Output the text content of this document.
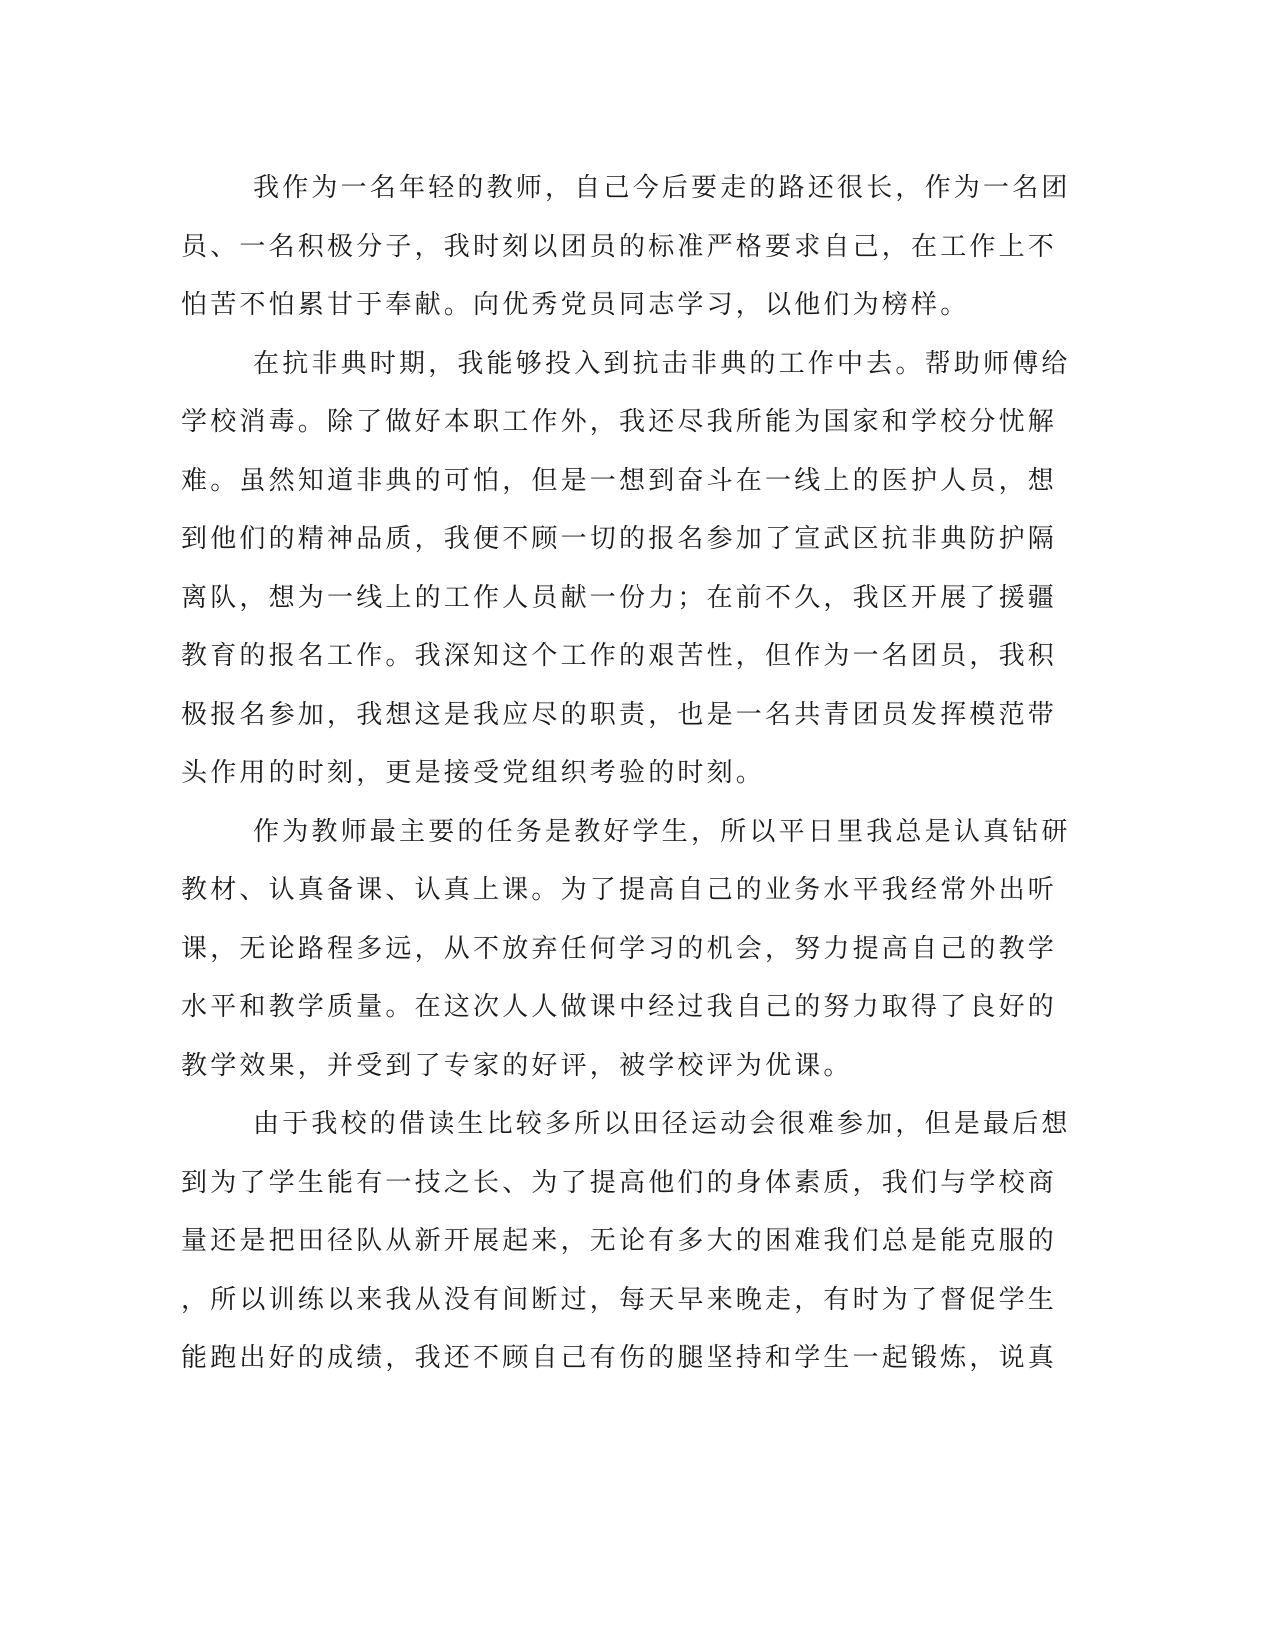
我作为一名年轻的教师，自己今后要走的路还很长，作为一名团
员、一名积极分子，我时刻以团员的标准严格要求自己，在工作上不
怕苦不怕累甘于奉献。向优秀党员同志学习，以他们为榜样。
在抗非典时期，我能够投入到抗击非典的工作中去。帮助师傅给
学校消毒。除了做好本职工作外，我还尽我所能为国家和学校分忧解
难。虽然知道非典的可怕，但是一想到奋斗在一线上的医护人员，想
到他们的精神品质，我便不顾一切的报名参加了宣武区抗非典防护隔
离队，想为一线上的工作人员献一份力；在前不久，我区开展了援疆
教育的报名工作。我深知这个工作的艰苦性，但作为一名团员，我积
极报名参加，我想这是我应尽的职责，也是一名共青团员发挥模范带
头作用的时刻，更是接受党组织考验的时刻。
作为教师最主要的任务是教好学生，所以平日里我总是认真钻研
教材、认真备课、认真上课。为了提高自己的业务水平我经常外出听
课，无论路程多远，从不放弃任何学习的机会，努力提高自己的教学
水平和教学质量。在这次人人做课中经过我自己的努力取得了良好的
教学效果，并受到了专家的好评，被学校评为优课。
由于我校的借读生比较多所以田径运动会很难参加，但是最后想
到为了学生能有一技之长、为了提高他们的身体素质，我们与学校商
量还是把田径队从新开展起来，无论有多大的困难我们总是能克服的
，所以训练以来我从没有间断过，每天早来晚走，有时为了督促学生
能跑出好的成绩，我还不顾自己有伤的腿坚持和学生一起锻炼，说真
